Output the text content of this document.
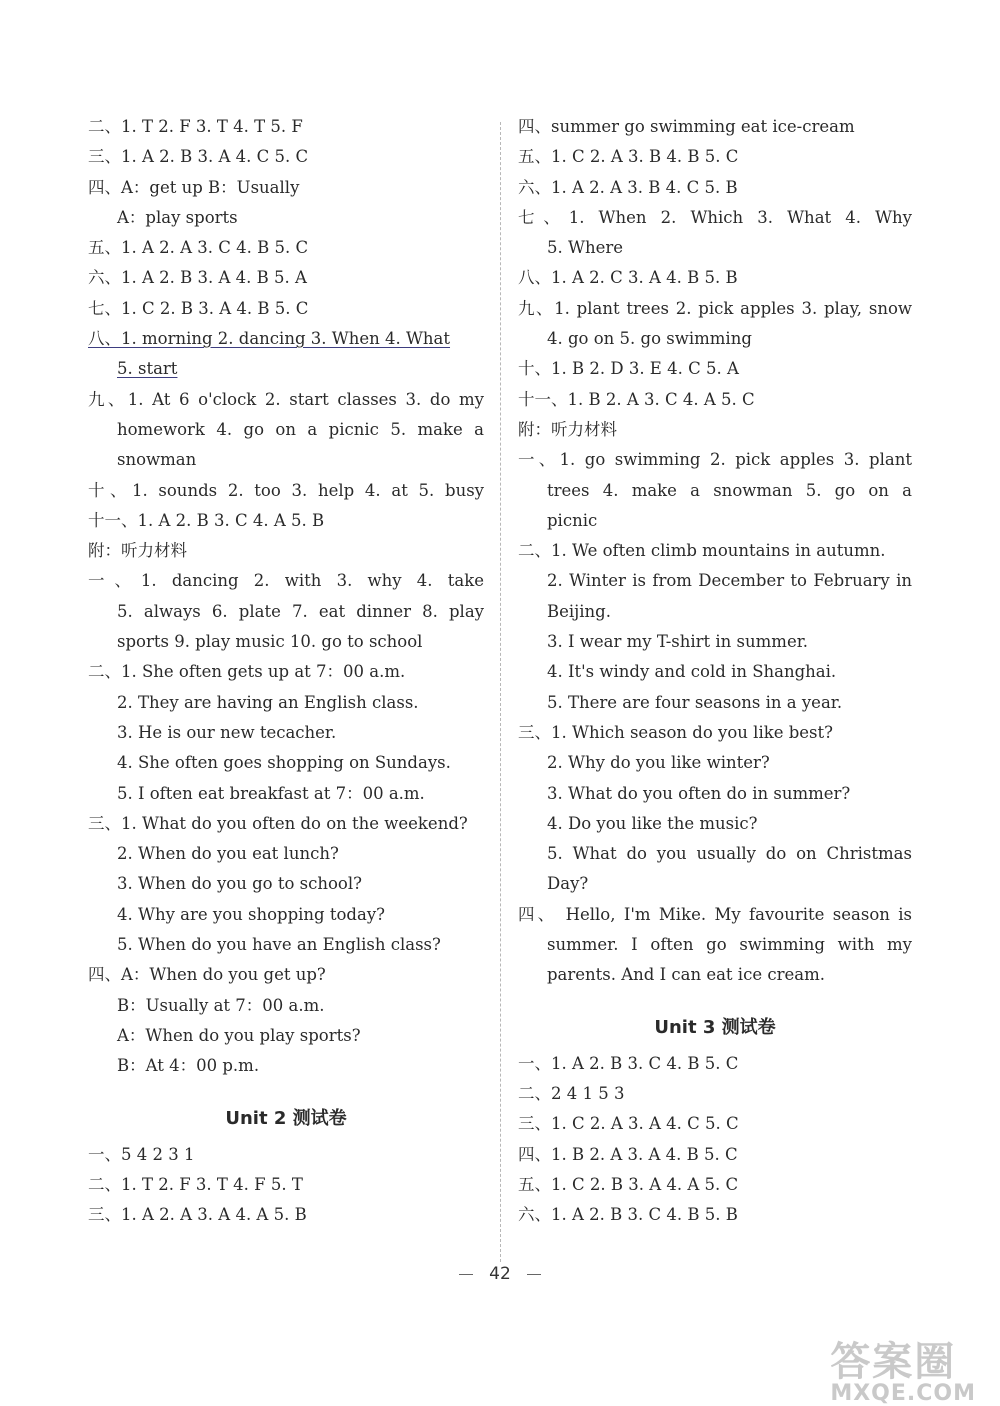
二、1. T 2. F 3. T 4. T 5. F
三、1. A 2. B 3. A 4. C 5. C
四、A：get up B：Usually
A：play sports
五、1. A 2. A 3. C 4. B 5. C
六、1. A 2. B 3. A 4. B 5. A
七、1. C 2. B 3. A 4. B 5. C
八、1. morning 2. dancing 3. When 4. What
5. start
九、1. At 6 o'clock 2. start classes 3. do my
homework 4. go on a picnic 5. make a
snowman
十、1. sounds 2. too 3. help 4. at 5. busy
十一、1. A 2. B 3. C 4. A 5. B
附：听力材料
一、1. dancing 2. with 3. why 4. take
5. always 6. plate 7. eat dinner 8. play
sports 9. play music 10. go to school
二、1. She often gets up at 7：00 a.m.
2. They are having an English class.
3. He is our new tecacher.
4. She often goes shopping on Sundays.
5. I often eat breakfast at 7：00 a.m.
三、1. What do you often do on the weekend?
2. When do you eat lunch?
3. When do you go to school?
4. Why are you shopping today?
5. When do you have an English class?
四、A：When do you get up?
B：Usually at 7：00 a.m.
A：When do you play sports?
B：At 4：00 p.m.
Unit 2 测试卷
一、5 4 2 3 1
二、1. T 2. F 3. T 4. F 5. T
三、1. A 2. A 3. A 4. A 5. B
四、summer go swimming eat ice-cream
五、1. C 2. A 3. B 4. B 5. C
六、1. A 2. A 3. B 4. C 5. B
七、1. When 2. Which 3. What 4. Why
5. Where
八、1. A 2. C 3. A 4. B 5. B
九、1. plant trees 2. pick apples 3. play, snow
4. go on 5. go swimming
十、1. B 2. D 3. E 4. C 5. A
十一、1. B 2. A 3. C 4. A 5. C
附：听力材料
一、1. go swimming 2. pick apples 3. plant
trees 4. make a snowman 5. go on a
picnic
二、1. We often climb mountains in autumn.
2. Winter is from December to February in
Beijing.
3. I wear my T-shirt in summer.
4. It's windy and cold in Shanghai.
5. There are four seasons in a year.
三、1. Which season do you like best?
2. Why do you like winter?
3. What do you often do in summer?
4. Do you like the music?
5. What do you usually do on Christmas
Day?
四、 Hello, I'm Mike. My favourite season is
summer. I often go swimming with my
parents. And I can eat ice cream.
Unit 3 测试卷
一、1. A 2. B 3. C 4. B 5. C
二、2 4 1 5 3
三、1. C 2. A 3. A 4. C 5. C
四、1. B 2. A 3. A 4. B 5. C
五、1. C 2. B 3. A 4. A 5. C
六、1. A 2. B 3. C 4. B 5. B
42
答案圈
MXQE.COM
